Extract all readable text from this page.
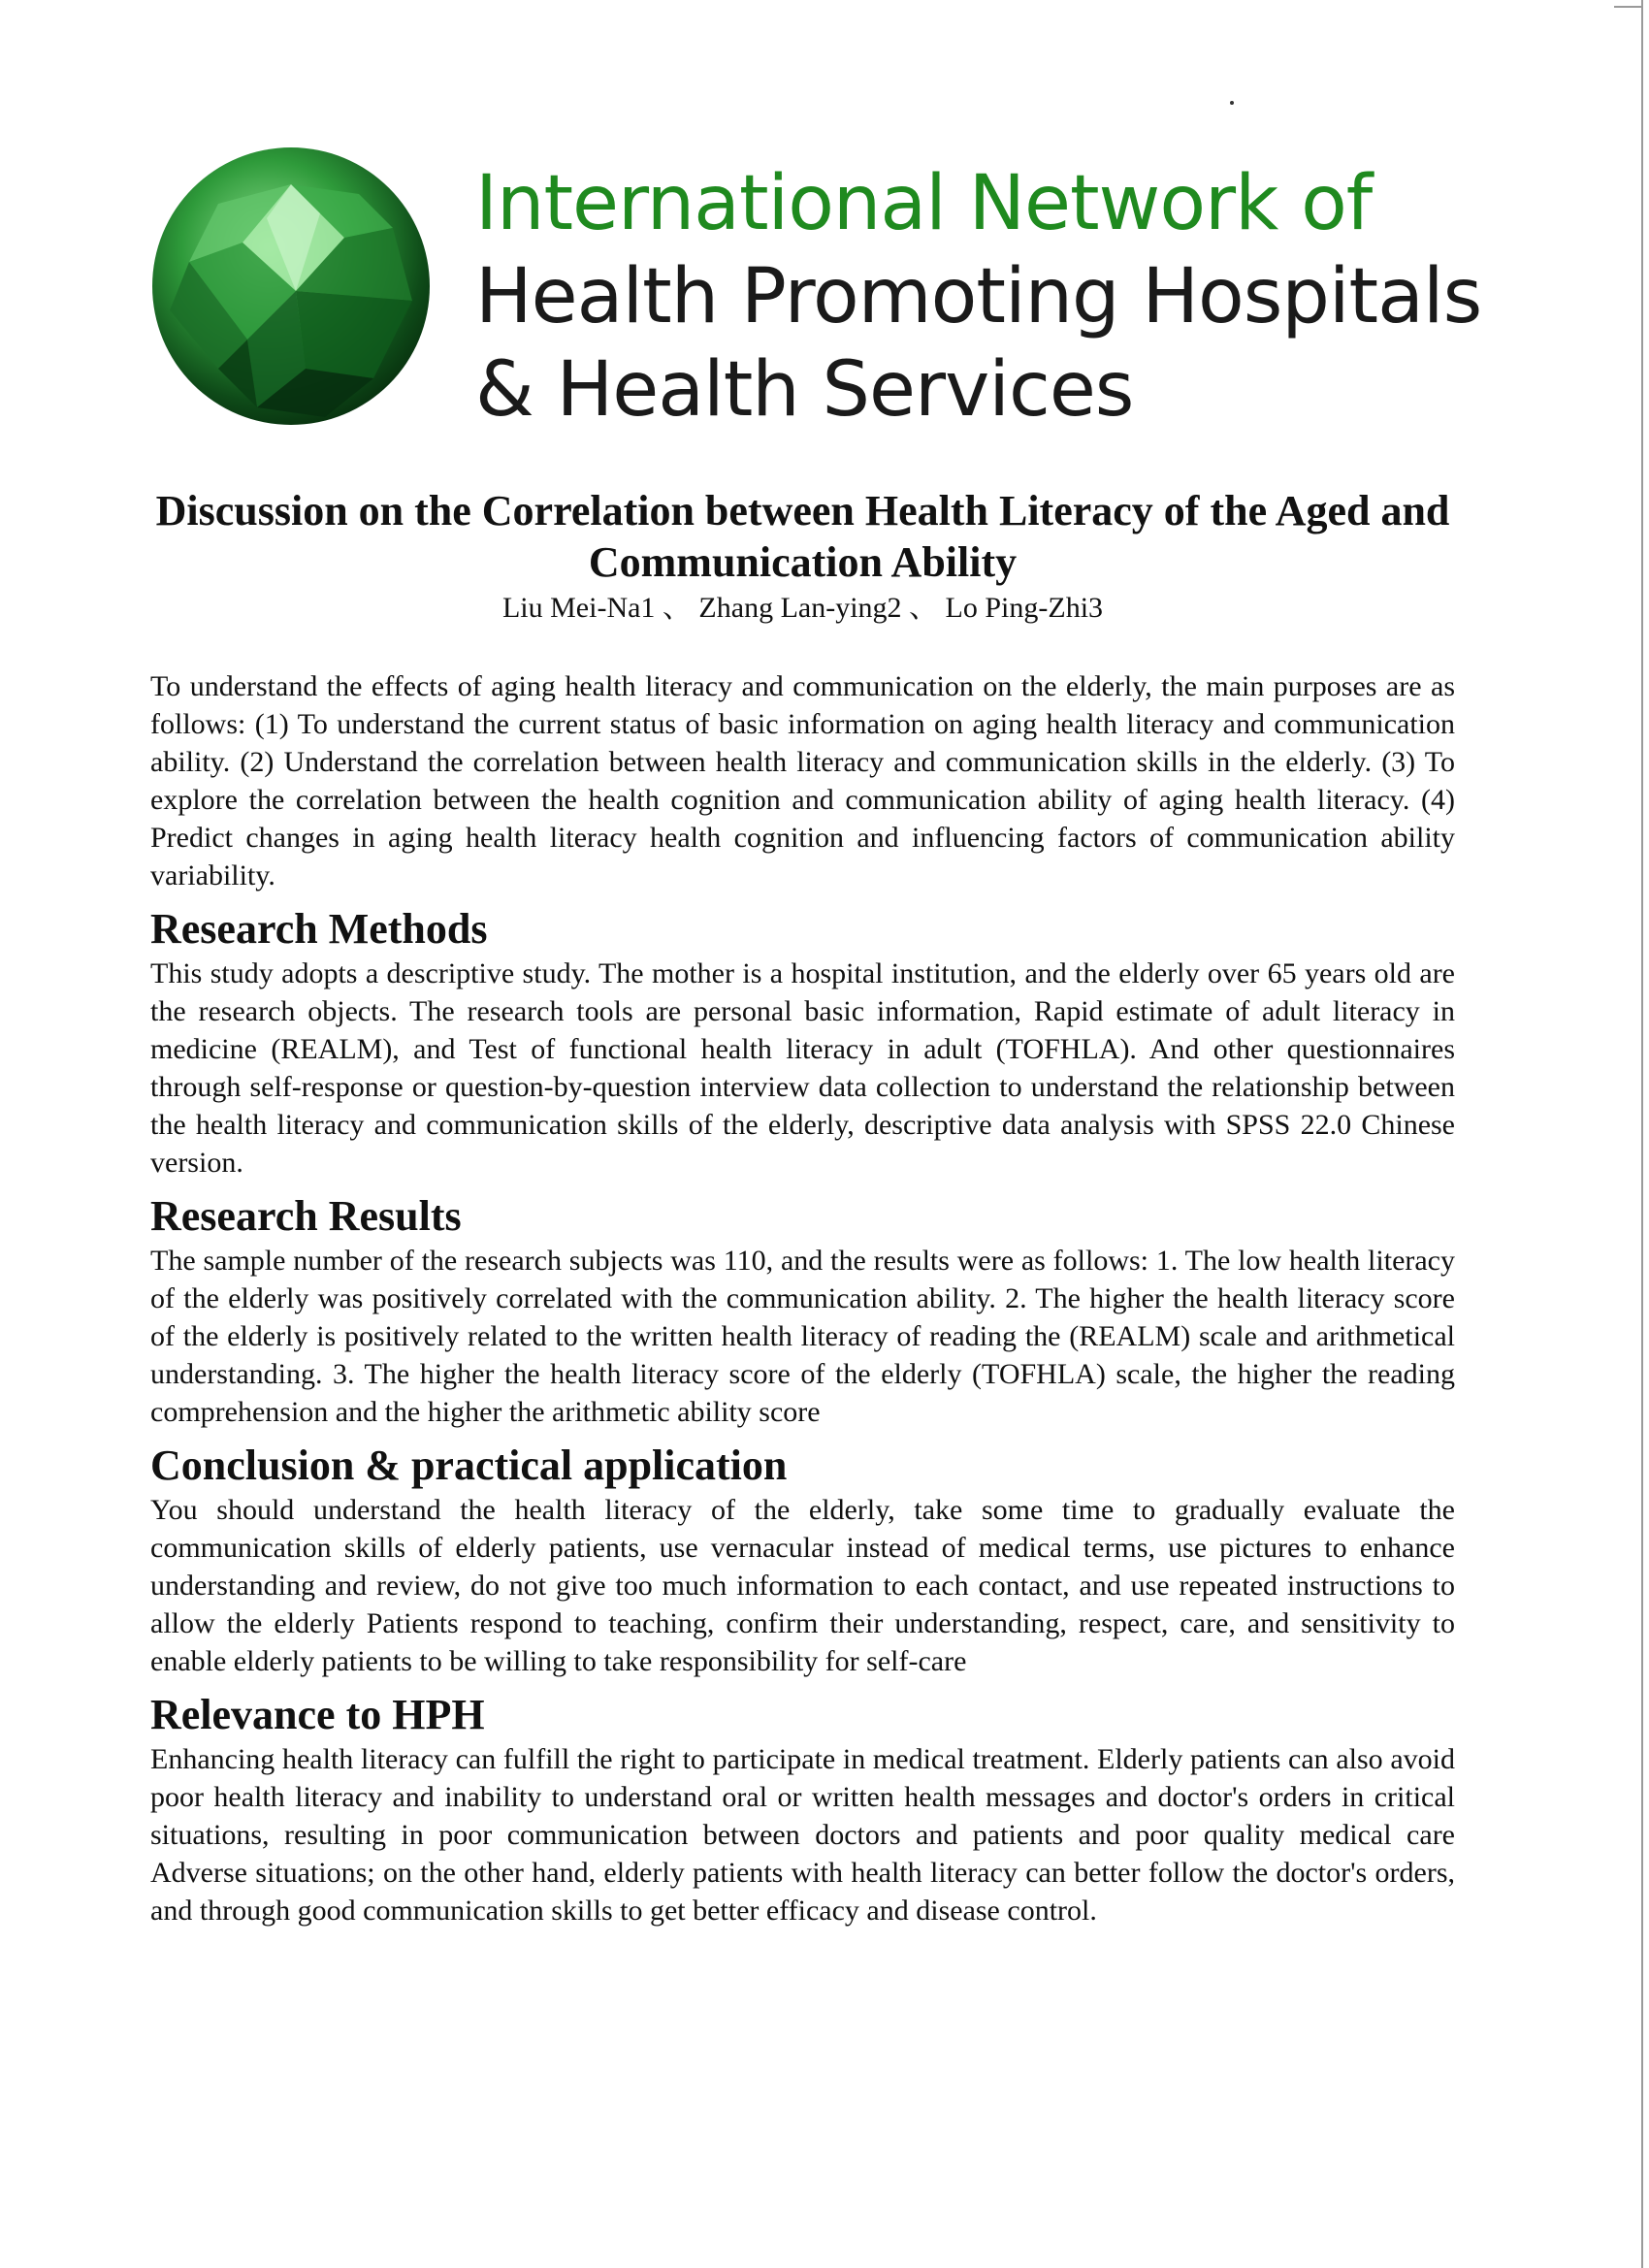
International Network of
Health Promoting Hospitals
& Health Services
Discussion on the Correlation between Health Literacy of the Aged and Communication Ability
Liu Mei-Na1 、 Zhang Lan-ying2 、 Lo Ping-Zhi3

To understand the effects of aging health literacy and communication on the elderly, the main purposes are as follows: (1) To understand the current status of basic information on aging health literacy and communication ability. (2) Understand the correlation between health literacy and communication skills in the elderly. (3) To explore the correlation between the health cognition and communication ability of aging health literacy. (4) Predict changes in aging health literacy health cognition and influencing factors of communication ability variability.

Research Methods

This study adopts a descriptive study. The mother is a hospital institution, and the elderly over 65 years old are the research objects. The research tools are personal basic information, Rapid estimate of adult literacy in medicine (REALM), and Test of functional health literacy in adult (TOFHLA). And other questionnaires through self-response or question-by-question interview data collection to understand the relationship between the health literacy and communication skills of the elderly, descriptive data analysis with SPSS 22.0 Chinese version.

Research Results

The sample number of the research subjects was 110, and the results were as follows: 1. The low health literacy of the elderly was positively correlated with the communication ability. 2. The higher the health literacy score of the elderly is positively related to the written health literacy of reading the (REALM) scale and arithmetical understanding. 3. The higher the health literacy score of the elderly (TOFHLA) scale, the higher the reading comprehension and the higher the arithmetic ability score

Conclusion & practical application

You should understand the health literacy of the elderly, take some time to gradually evaluate the communication skills of elderly patients, use vernacular instead of medical terms, use pictures to enhance understanding and review, do not give too much information to each contact, and use repeated instructions to allow the elderly Patients respond to teaching, confirm their understanding, respect, care, and sensitivity to enable elderly patients to be willing to take responsibility for self-care

Relevance to HPH

Enhancing health literacy can fulfill the right to participate in medical treatment. Elderly patients can also avoid poor health literacy and inability to understand oral or written health messages and doctor's orders in critical situations, resulting in poor communication between doctors and patients and poor quality medical care Adverse situations; on the other hand, elderly patients with health literacy can better follow the doctor's orders, and through good communication skills to get better efficacy and disease control.
